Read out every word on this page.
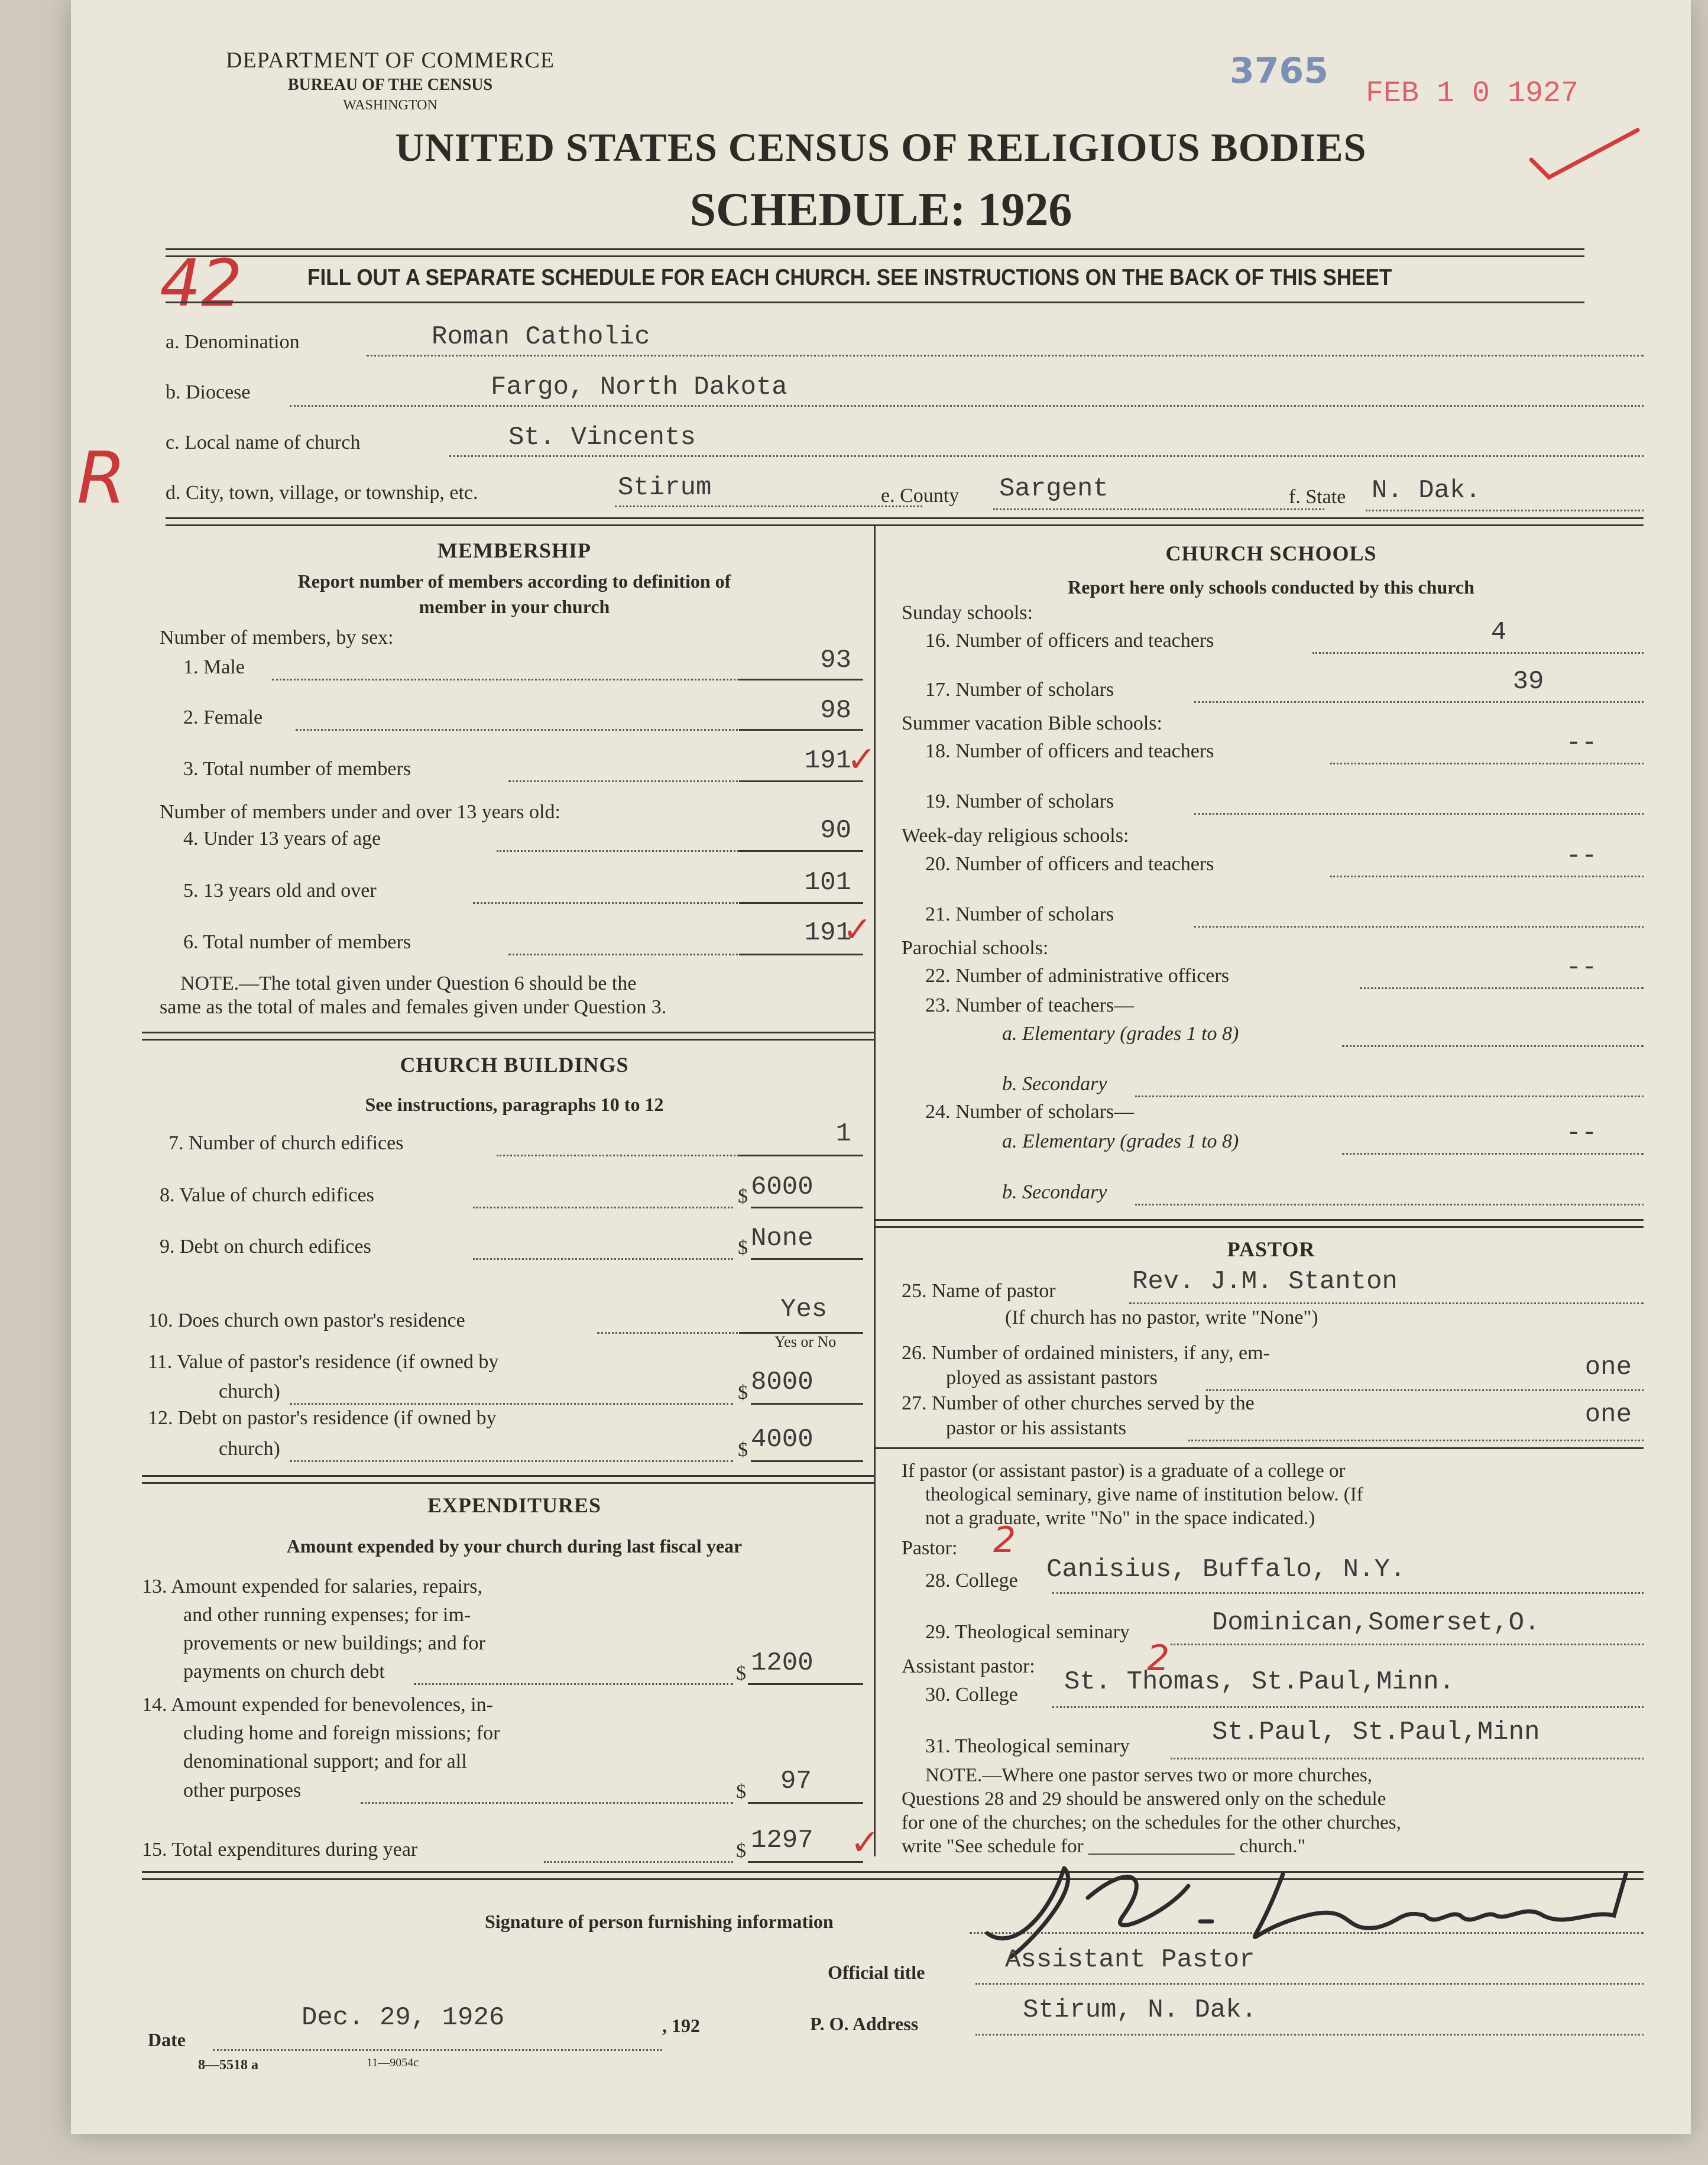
DEPARTMENT OF COMMERCE
BUREAU OF THE CENSUS
WASHINGTON
3765
FEB 1 0 1927
UNITED STATES CENSUS OF RELIGIOUS BODIES
SCHEDULE: 1926
42	FILL OUT A SEPARATE SCHEDULE FOR EACH CHURCH. SEE INSTRUCTIONS ON THE BACK OF THIS SHEET
a. Denomination	Roman Catholic
b. Diocese	Fargo, North Dakota
R c. Local name of church	St. Vincents
d. City, town, village, or township, etc.	Stirum	e. County Sargent	f. State N. Dak.
MEMBERSHIP
Report number of members according to definition of
member in your church
Number of members, by sex:
1. Male	93
2. Female	98
3. Total number of members	191
✓
Number of members under and over 13 years old:
4. Under 13 years of age	90
5. 13 years old and over	101
6. Total number of members	191
✓
NOTE.—The total given under Question 6 should be the
same as the total of males and females given under Question 3.
CHURCH BUILDINGS
See instructions, paragraphs 10 to 12
7. Number of church edifices	1
8. Value of church edifices	$ 6000
9. Debt on church edifices	$ None
10. Does church own pastor's residence	Yes
Yes or No
11. Value of pastor's residence (if owned by
church)	$ 8000
12. Debt on pastor's residence (if owned by
church)	$ 4000
EXPENDITURES
Amount expended by your church during last fiscal year
13. Amount expended for salaries, repairs,
and other running expenses; for im-
provements or new buildings; and for
payments on church debt	$ 1200
14. Amount expended for benevolences, in-
cluding home and foreign missions; for
denominational support; and for all
other purposes	$ 97
15. Total expenditures during year	$ 1297 ✓
CHURCH SCHOOLS
Report here only schools conducted by this church
Sunday schools:
16. Number of officers and teachers	4
17. Number of scholars	39
Summer vacation Bible schools:
18. Number of officers and teachers	--
19. Number of scholars
Week-day religious schools:
20. Number of officers and teachers	--
21. Number of scholars
Parochial schools:
22. Number of administrative officers	--
23. Number of teachers—
a. Elementary (grades 1 to 8)
b. Secondary
24. Number of scholars—
a. Elementary (grades 1 to 8)	--
b. Secondary
PASTOR
25. Name of pastor	Rev. J.M. Stanton
(If church has no pastor, write "None")
26. Number of ordained ministers, if any, em-
ployed as assistant pastors	one
27. Number of other churches served by the
pastor or his assistants	one
If pastor (or assistant pastor) is a graduate of a college or
theological seminary, give name of institution below. (If
not a graduate, write "No" in the space indicated.)
Pastor: 2
28. College Canisius, Buffalo, N.Y.
29. Theological seminary	Dominican,Somerset,O.
Assistant pastor:	2
30. College St. Thomas, St.Paul,Minn.
31. Theological seminary	St.Paul, St.Paul,Minn
NOTE.—Where one pastor serves two or more churches,
Questions 28 and 29 should be answered only on the schedule
for one of the churches; on the schedules for the other churches,
write "See schedule for _______________ church."
Signature of person furnishing information
Official title	Assistant Pastor
P. O. Address	Stirum, N. Dak.
Date
Dec. 29, 1926	, 192
8—5518 a	11—9054c
